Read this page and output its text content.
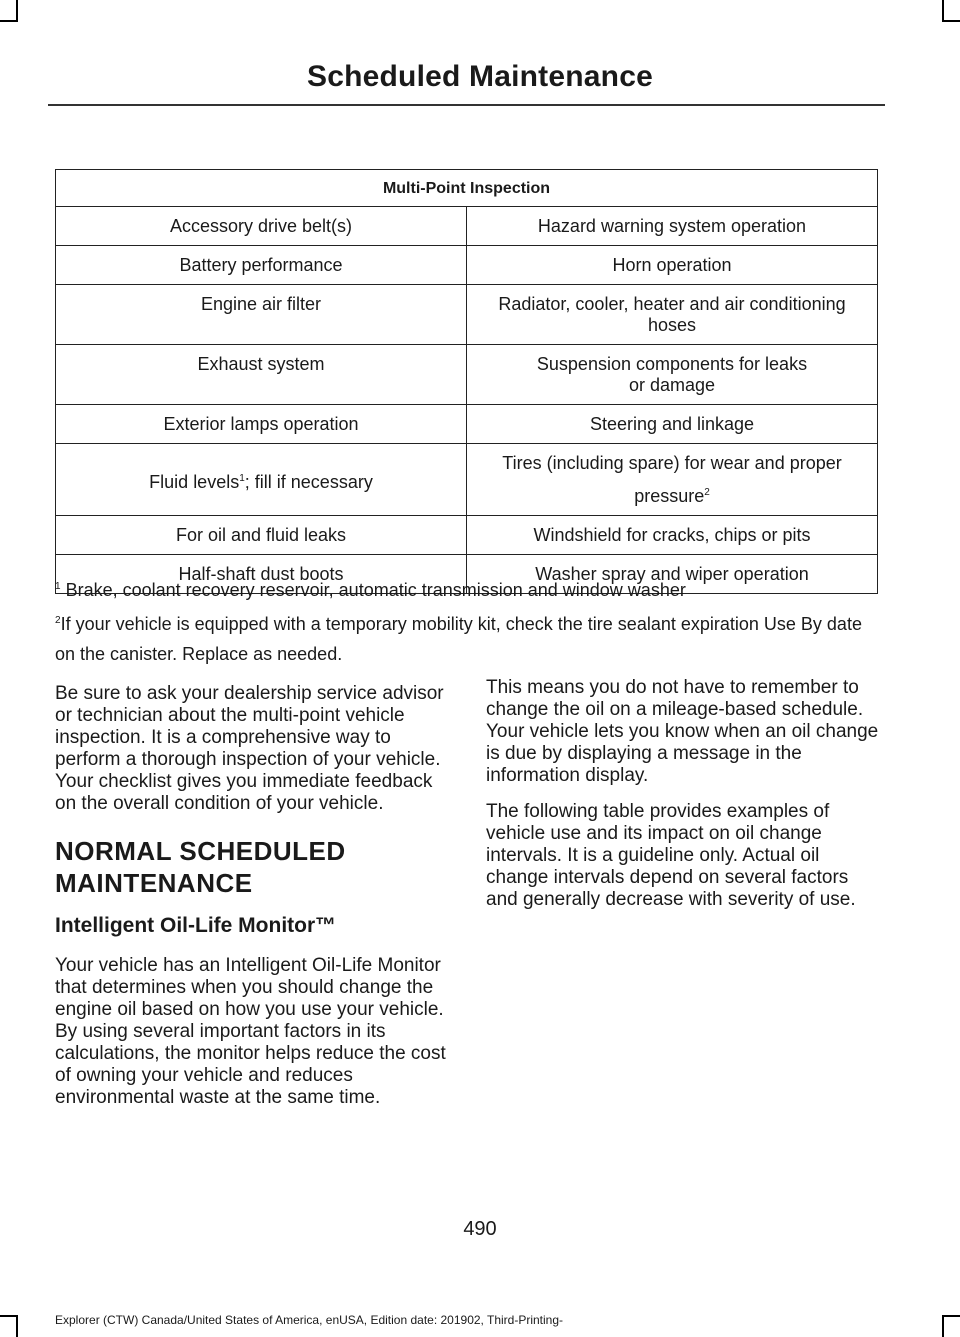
Scheduled Maintenance
Multi-Point Inspection	
Accessory drive belt(s)	Hazard warning system operation
Battery performance	Horn operation
Engine air filter	Radiator, cooler, heater and air conditioning hoses
Exhaust system	Suspension components for leaks or damage
Exterior lamps operation	Steering and linkage
Fluid levels$^1$; fill if necessary	Tires (including spare) for wear and proper pressure$^2$
For oil and fluid leaks	Windshield for cracks, chips or pits
Half-shaft dust boots	Washer spray and wiper operation
$^1$ Brake, coolant recovery reservoir, automatic transmission and window washer
$^2$If your vehicle is equipped with a temporary mobility kit, check the tire sealant expiration Use By date on the canister. Replace as needed.

Be sure to ask your dealership service advisor or technician about the multi-point vehicle inspection. It is a comprehensive way to perform a thorough inspection of your vehicle. Your checklist gives you immediate feedback on the overall condition of your vehicle.

NORMAL SCHEDULED MAINTENANCE
Intelligent Oil-Life Monitor™

Your vehicle has an Intelligent Oil-Life Monitor that determines when you should change the engine oil based on how you use your vehicle. By using several important factors in its calculations, the monitor helps reduce the cost of owning your vehicle and reduces environmental waste at the same time.

This means you do not have to remember to change the oil on a mileage-based schedule. Your vehicle lets you know when an oil change is due by displaying a message in the information display.

The following table provides examples of vehicle use and its impact on oil change intervals. It is a guideline only. Actual oil change intervals depend on several factors and generally decrease with severity of use.

490
Explorer (CTW) Canada/United States of America, enUSA, Edition date: 201902, Third-Printing-
